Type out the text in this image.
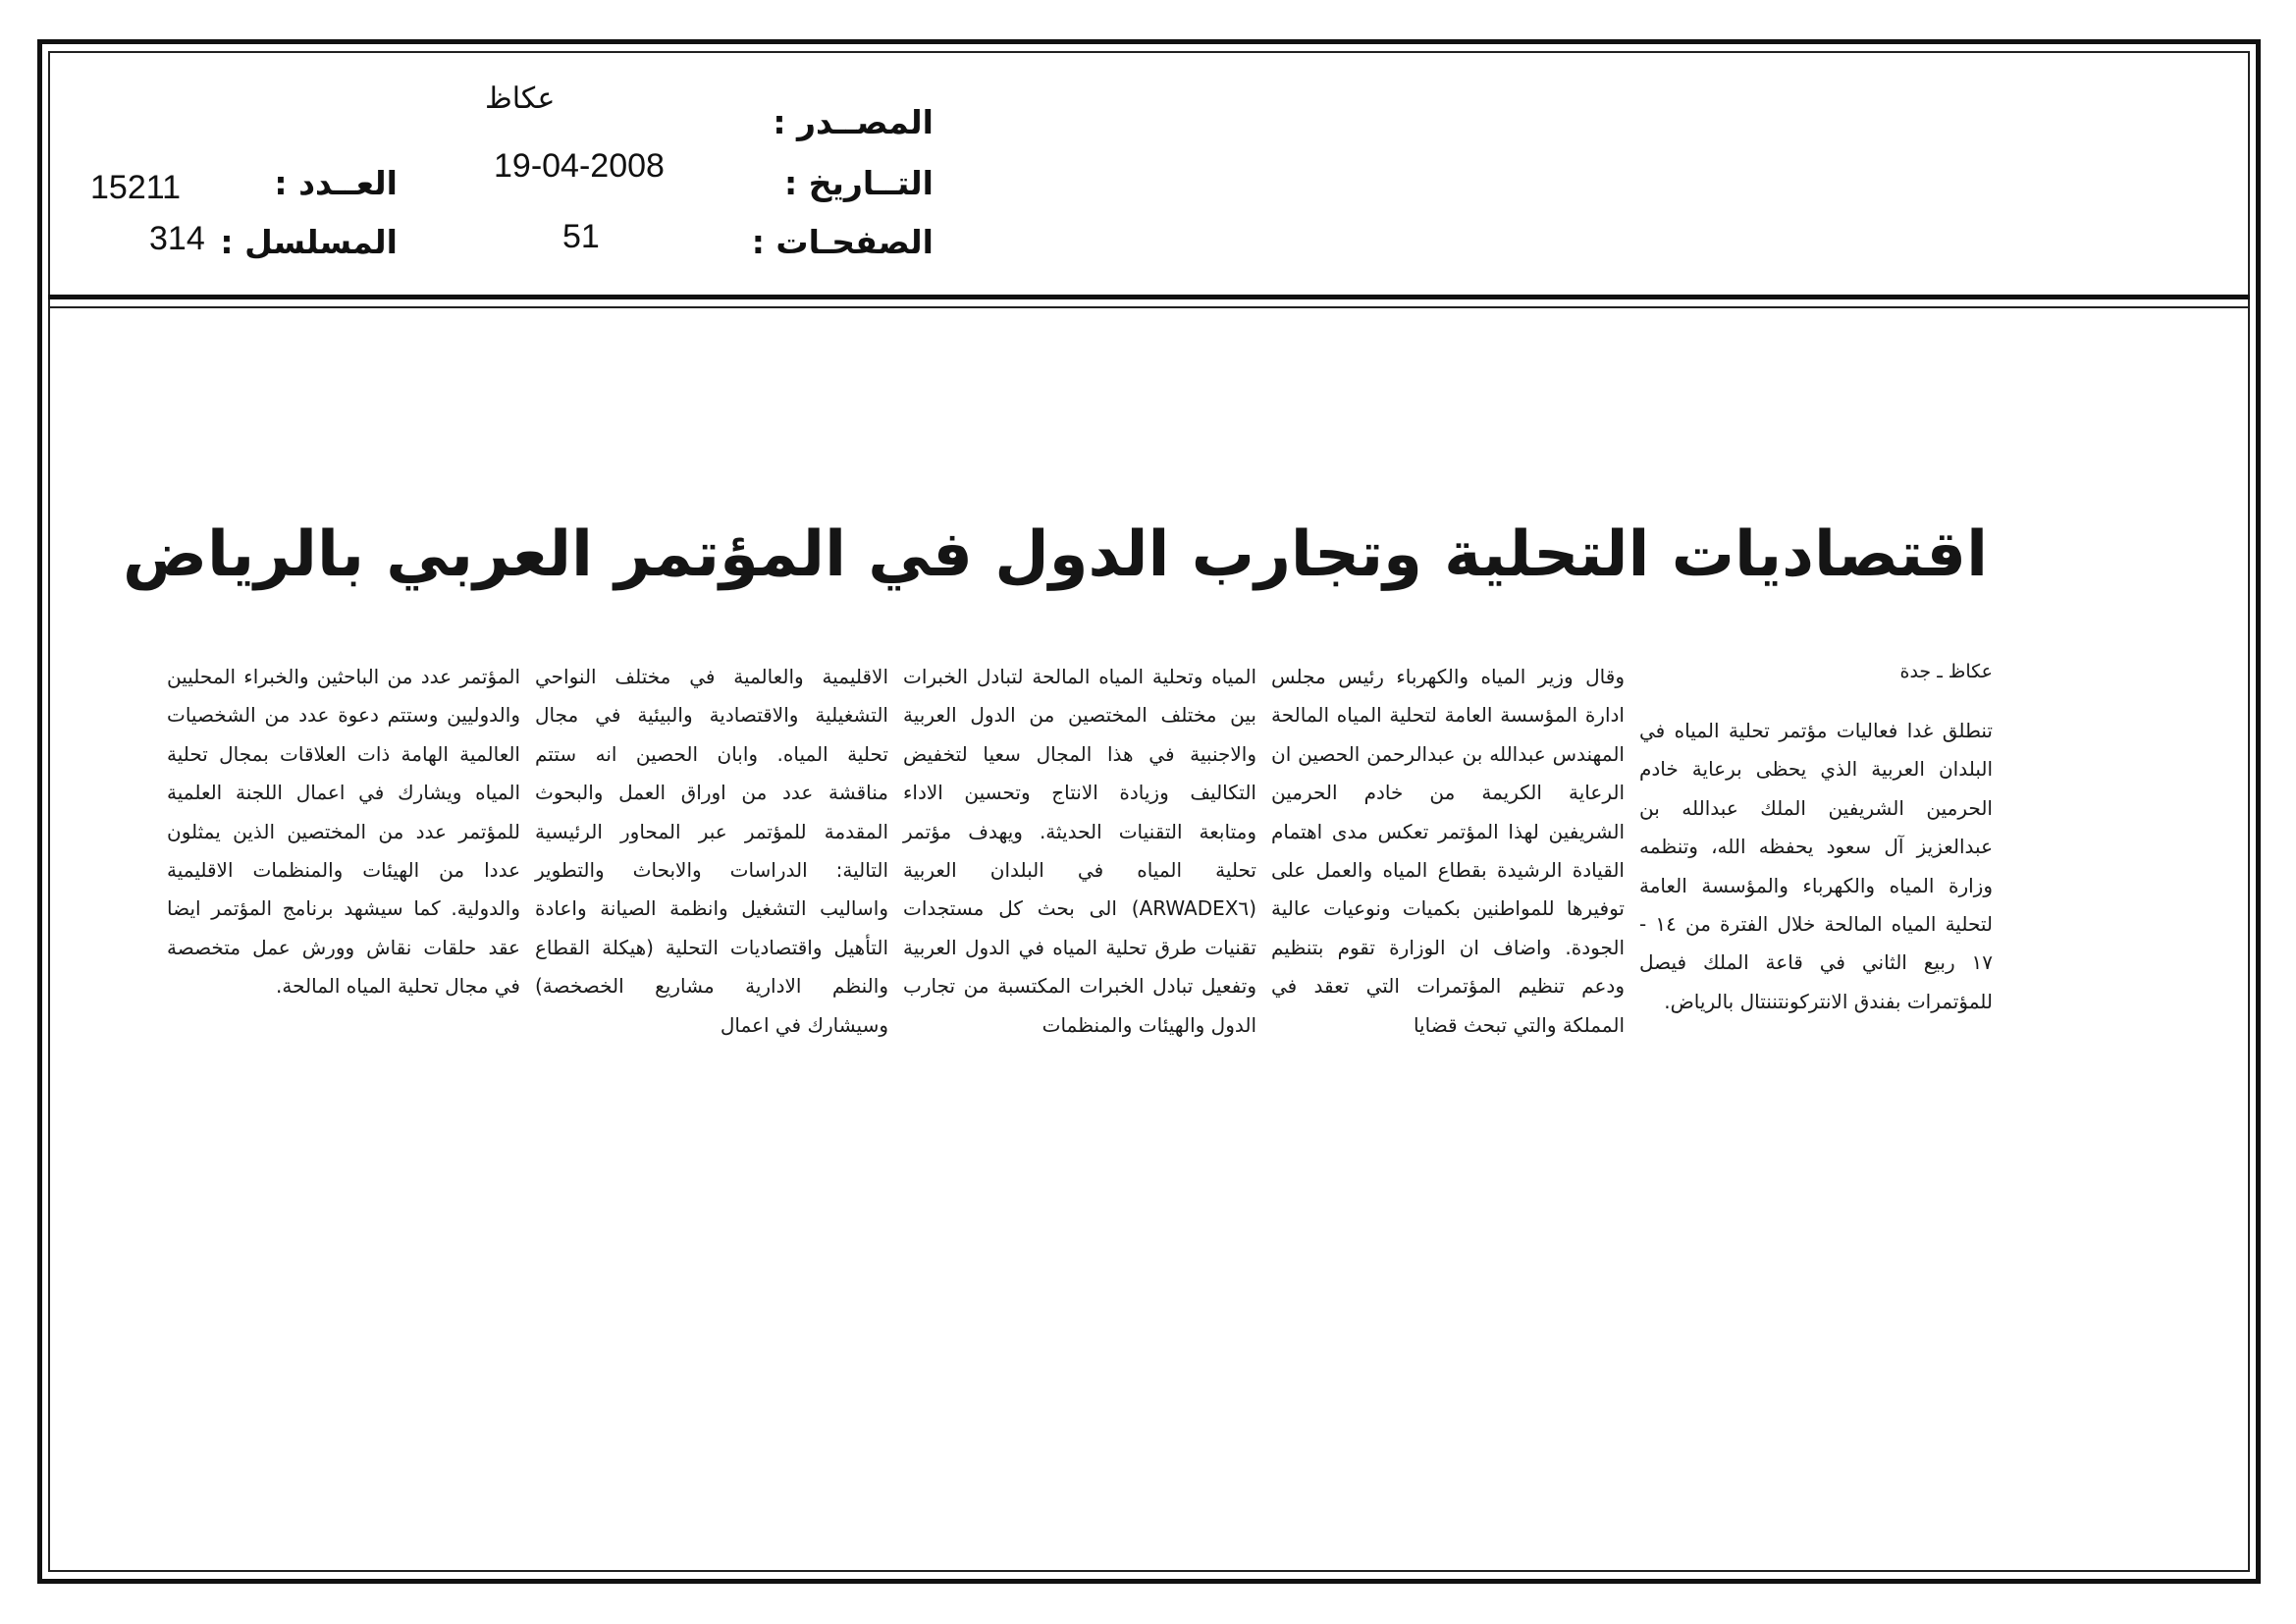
المصــدر :
عكاظ
التــاريخ :
19-04-2008
الصفحـات :
51
العــدد :
15211
المسلسل :
314
اقتصاديات التحلية وتجارب الدول في المؤتمر العربي بالرياض
عكاظ ـ جدة

تنطلق غدا فعاليات مؤتمر تحلية المياه في البلدان العربية الذي يحظى برعاية خادم الحرمين الشريفين الملك عبدالله بن عبدالعزيز آل سعود يحفظه الله، وتنظمه وزارة المياه والكهرباء والمؤسسة العامة لتحلية المياه المالحة خلال الفترة من ١٤ - ١٧ ربيع الثاني في قاعة الملك فيصل للمؤتمرات بفندق الانتركونتننتال بالرياض.

وقال وزير المياه والكهرباء رئيس مجلس ادارة المؤسسة العامة لتحلية المياه المالحة المهندس عبدالله بن عبدالرحمن الحصين ان الرعاية الكريمة من خادم الحرمين الشريفين لهذا المؤتمر تعكس مدى اهتمام القيادة الرشيدة بقطاع المياه والعمل على توفيرها للمواطنين بكميات ونوعيات عالية الجودة. واضاف ان الوزارة تقوم بتنظيم ودعم تنظيم المؤتمرات التي تعقد في المملكة والتي تبحث قضايا

المياه وتحلية المياه المالحة لتبادل الخبرات بين مختلف المختصين من الدول العربية والاجنبية في هذا المجال سعيا لتخفيض التكاليف وزيادة الانتاج وتحسين الاداء ومتابعة التقنيات الحديثة. ويهدف مؤتمر تحلية المياه في البلدان العربية (ARWADEX٦) الى بحث كل مستجدات تقنيات طرق تحلية المياه في الدول العربية وتفعيل تبادل الخبرات المكتسبة من تجارب الدول والهيئات والمنظمات

الاقليمية والعالمية في مختلف النواحي التشغيلية والاقتصادية والبيئية في مجال تحلية المياه. وابان الحصين انه ستتم مناقشة عدد من اوراق العمل والبحوث المقدمة للمؤتمر عبر المحاور الرئيسية التالية: الدراسات والابحاث والتطوير واساليب التشغيل وانظمة الصيانة واعادة التأهيل واقتصاديات التحلية (هيكلة القطاع والنظم الادارية مشاريع الخصخصة) وسيشارك في اعمال

المؤتمر عدد من الباحثين والخبراء المحليين والدوليين وستتم دعوة عدد من الشخصيات العالمية الهامة ذات العلاقات بمجال تحلية المياه ويشارك في اعمال اللجنة العلمية للمؤتمر عدد من المختصين الذين يمثلون عددا من الهيئات والمنظمات الاقليمية والدولية. كما سيشهد برنامج المؤتمر ايضا عقد حلقات نقاش وورش عمل متخصصة في مجال تحلية المياه المالحة.
